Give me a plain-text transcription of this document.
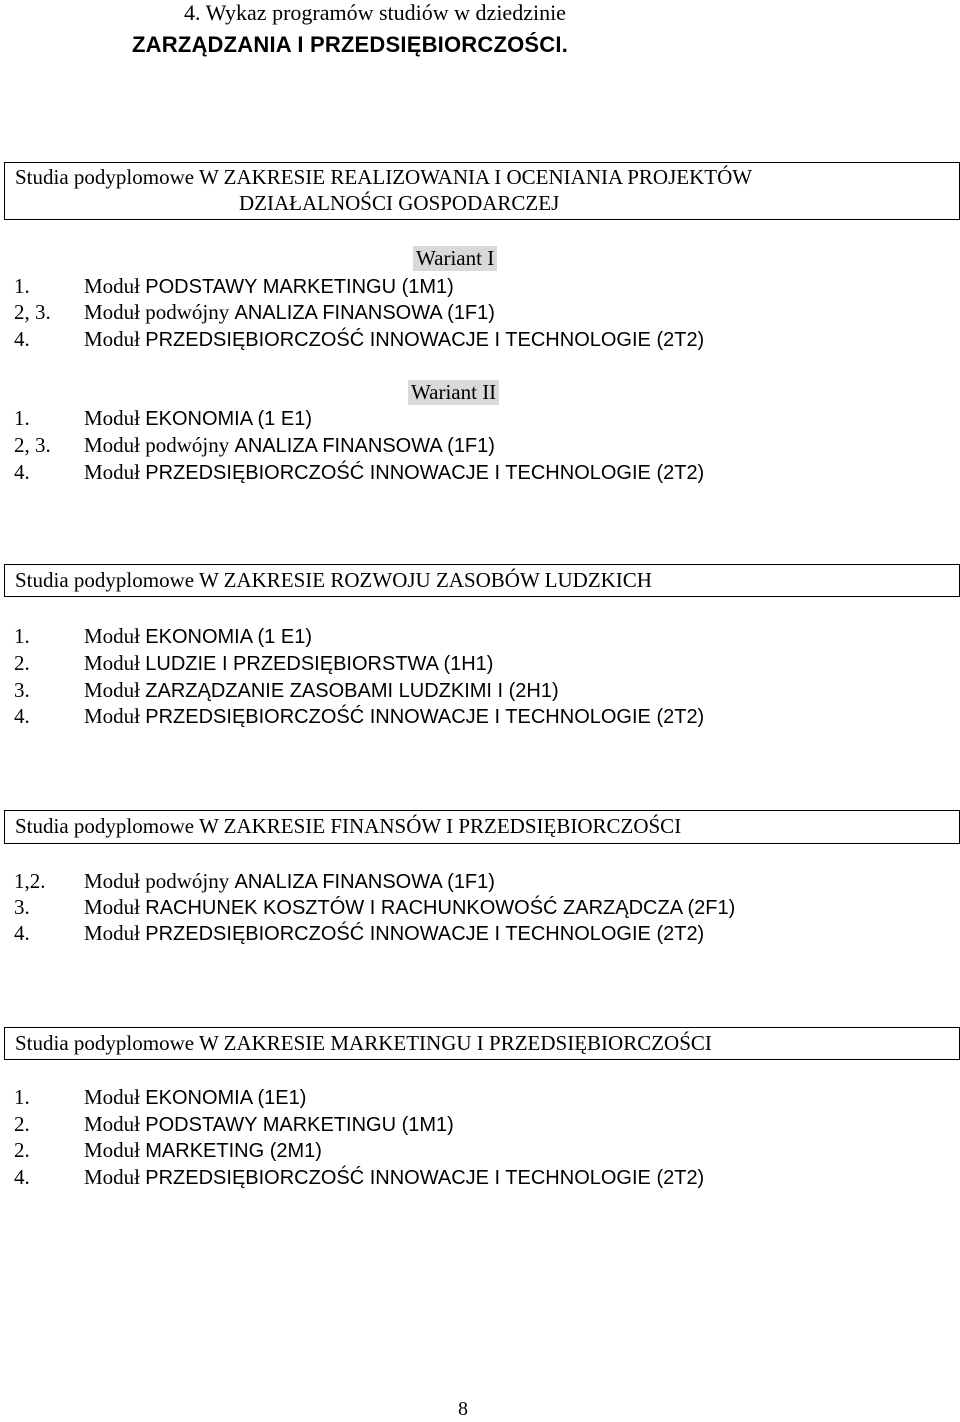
4. Wykaz programów studiów w dziedzinie
ZARZĄDZANIA I PRZEDSIĘBIORCZOŚCI.
Studia podyplomowe W ZAKRESIE REALIZOWANIA I OCENIANIA PROJEKTÓW
DZIAŁALNOŚCI GOSPODARCZEJ
Wariant I
1.	Moduł PODSTAWY MARKETINGU (1M1)
2, 3. Moduł podwójny ANALIZA FINANSOWA (1F1)
4.	Moduł PRZEDSIĘBIORCZOŚĆ INNOWACJE I TECHNOLOGIE (2T2)
Wariant II
1.	Moduł EKONOMIA (1 E1)
2, 3. Moduł podwójny ANALIZA FINANSOWA (1F1)
4.	Moduł PRZEDSIĘBIORCZOŚĆ INNOWACJE I TECHNOLOGIE (2T2)
Studia podyplomowe W ZAKRESIE ROZWOJU ZASOBÓW LUDZKICH
1.	Moduł EKONOMIA (1 E1)
2.	Moduł LUDZIE I PRZEDSIĘBIORSTWA (1H1)
3.	Moduł ZARZĄDZANIE ZASOBAMI LUDZKIMI I (2H1)
4.	Moduł PRZEDSIĘBIORCZOŚĆ INNOWACJE I TECHNOLOGIE (2T2)
Studia podyplomowe W ZAKRESIE FINANSÓW I PRZEDSIĘBIORCZOŚCI
1,2. Moduł podwójny ANALIZA FINANSOWA (1F1)
3.	Moduł RACHUNEK KOSZTÓW I RACHUNKOWOŚĆ ZARZĄDCZA (2F1)
4.	Moduł PRZEDSIĘBIORCZOŚĆ INNOWACJE I TECHNOLOGIE (2T2)
Studia podyplomowe W ZAKRESIE MARKETINGU I PRZEDSIĘBIORCZOŚCI
1.	Moduł EKONOMIA (1E1)
2.	Moduł PODSTAWY MARKETINGU (1M1)
2.	Moduł MARKETING (2M1)
4.	Moduł PRZEDSIĘBIORCZOŚĆ INNOWACJE I TECHNOLOGIE (2T2)
8
